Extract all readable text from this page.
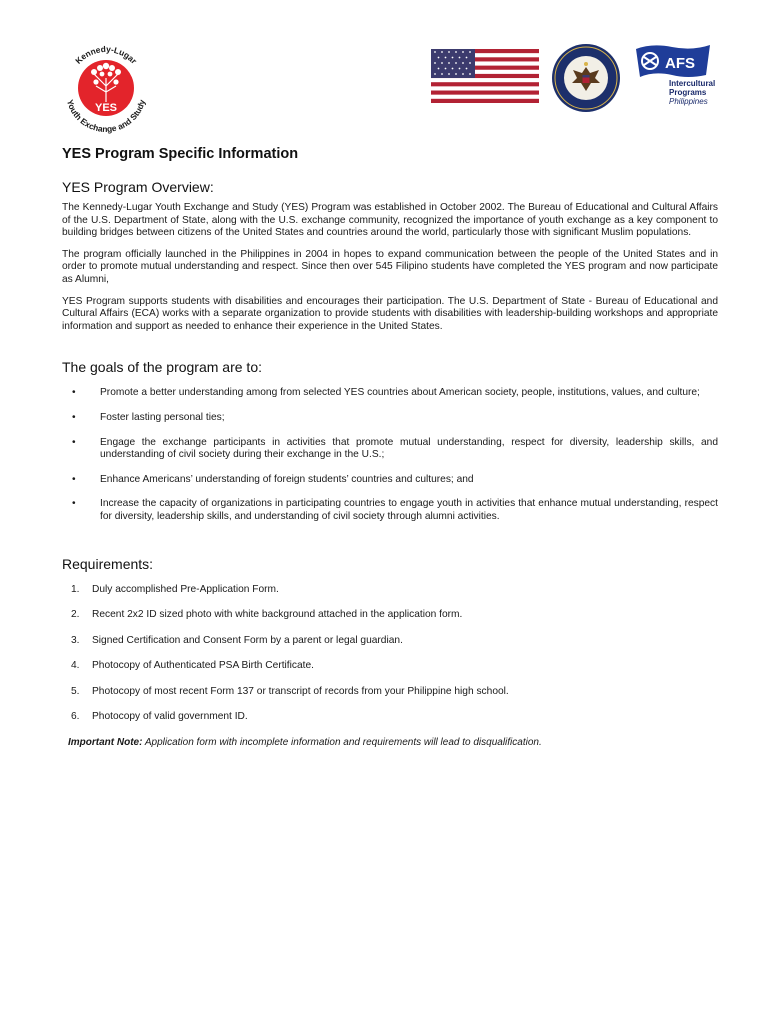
YES
Kennedy-Lugar
Youth Exchange and Study
AFS
Intercultural
Programs
Philippines
YES Program Specific Information
YES Program Overview:

The Kennedy-Lugar Youth Exchange and Study (YES) Program was established in October 2002. The Bureau of Educational and Cultural Affairs of the U.S. Department of State, along with the U.S. exchange community, recognized the importance of youth exchange as a key component to building bridges between citizens of the United States and countries around the world, particularly those with significant Muslim populations.

The program officially launched in the Philippines in 2004 in hopes to expand communication between the people of the United States and in order to promote mutual understanding and respect. Since then over 545 Filipino students have completed the YES program and now participate as Alumni,

YES Program supports students with disabilities and encourages their participation. The U.S. Department of State - Bureau of Educational and Cultural Affairs (ECA) works with a separate organization to provide students with disabilities with leadership-building workshops and appropriate information and support as needed to enhance their experience in the United States.

The goals of the program are to:
• Promote a better understanding among from selected YES countries about American society, people, institutions, values, and culture;
• Foster lasting personal ties;
• Engage the exchange participants in activities that promote mutual understanding, respect for diversity, leadership skills, and understanding of civil society during their exchange in the U.S.;
• Enhance Americans’ understanding of foreign students’ countries and cultures; and
• Increase the capacity of organizations in participating countries to engage youth in activities that enhance mutual understanding, respect for diversity, leadership skills, and understanding of civil society through alumni activities.
Requirements:
1. Duly accomplished Pre-Application Form.
2. Recent 2x2 ID sized photo with white background attached in the application form.
3. Signed Certification and Consent Form by a parent or legal guardian.
4. Photocopy of Authenticated PSA Birth Certificate.
5. Photocopy of most recent Form 137 or transcript of records from your Philippine high school.
6. Photocopy of valid government ID.

Important Note: Application form with incomplete information and requirements will lead to disqualification.
